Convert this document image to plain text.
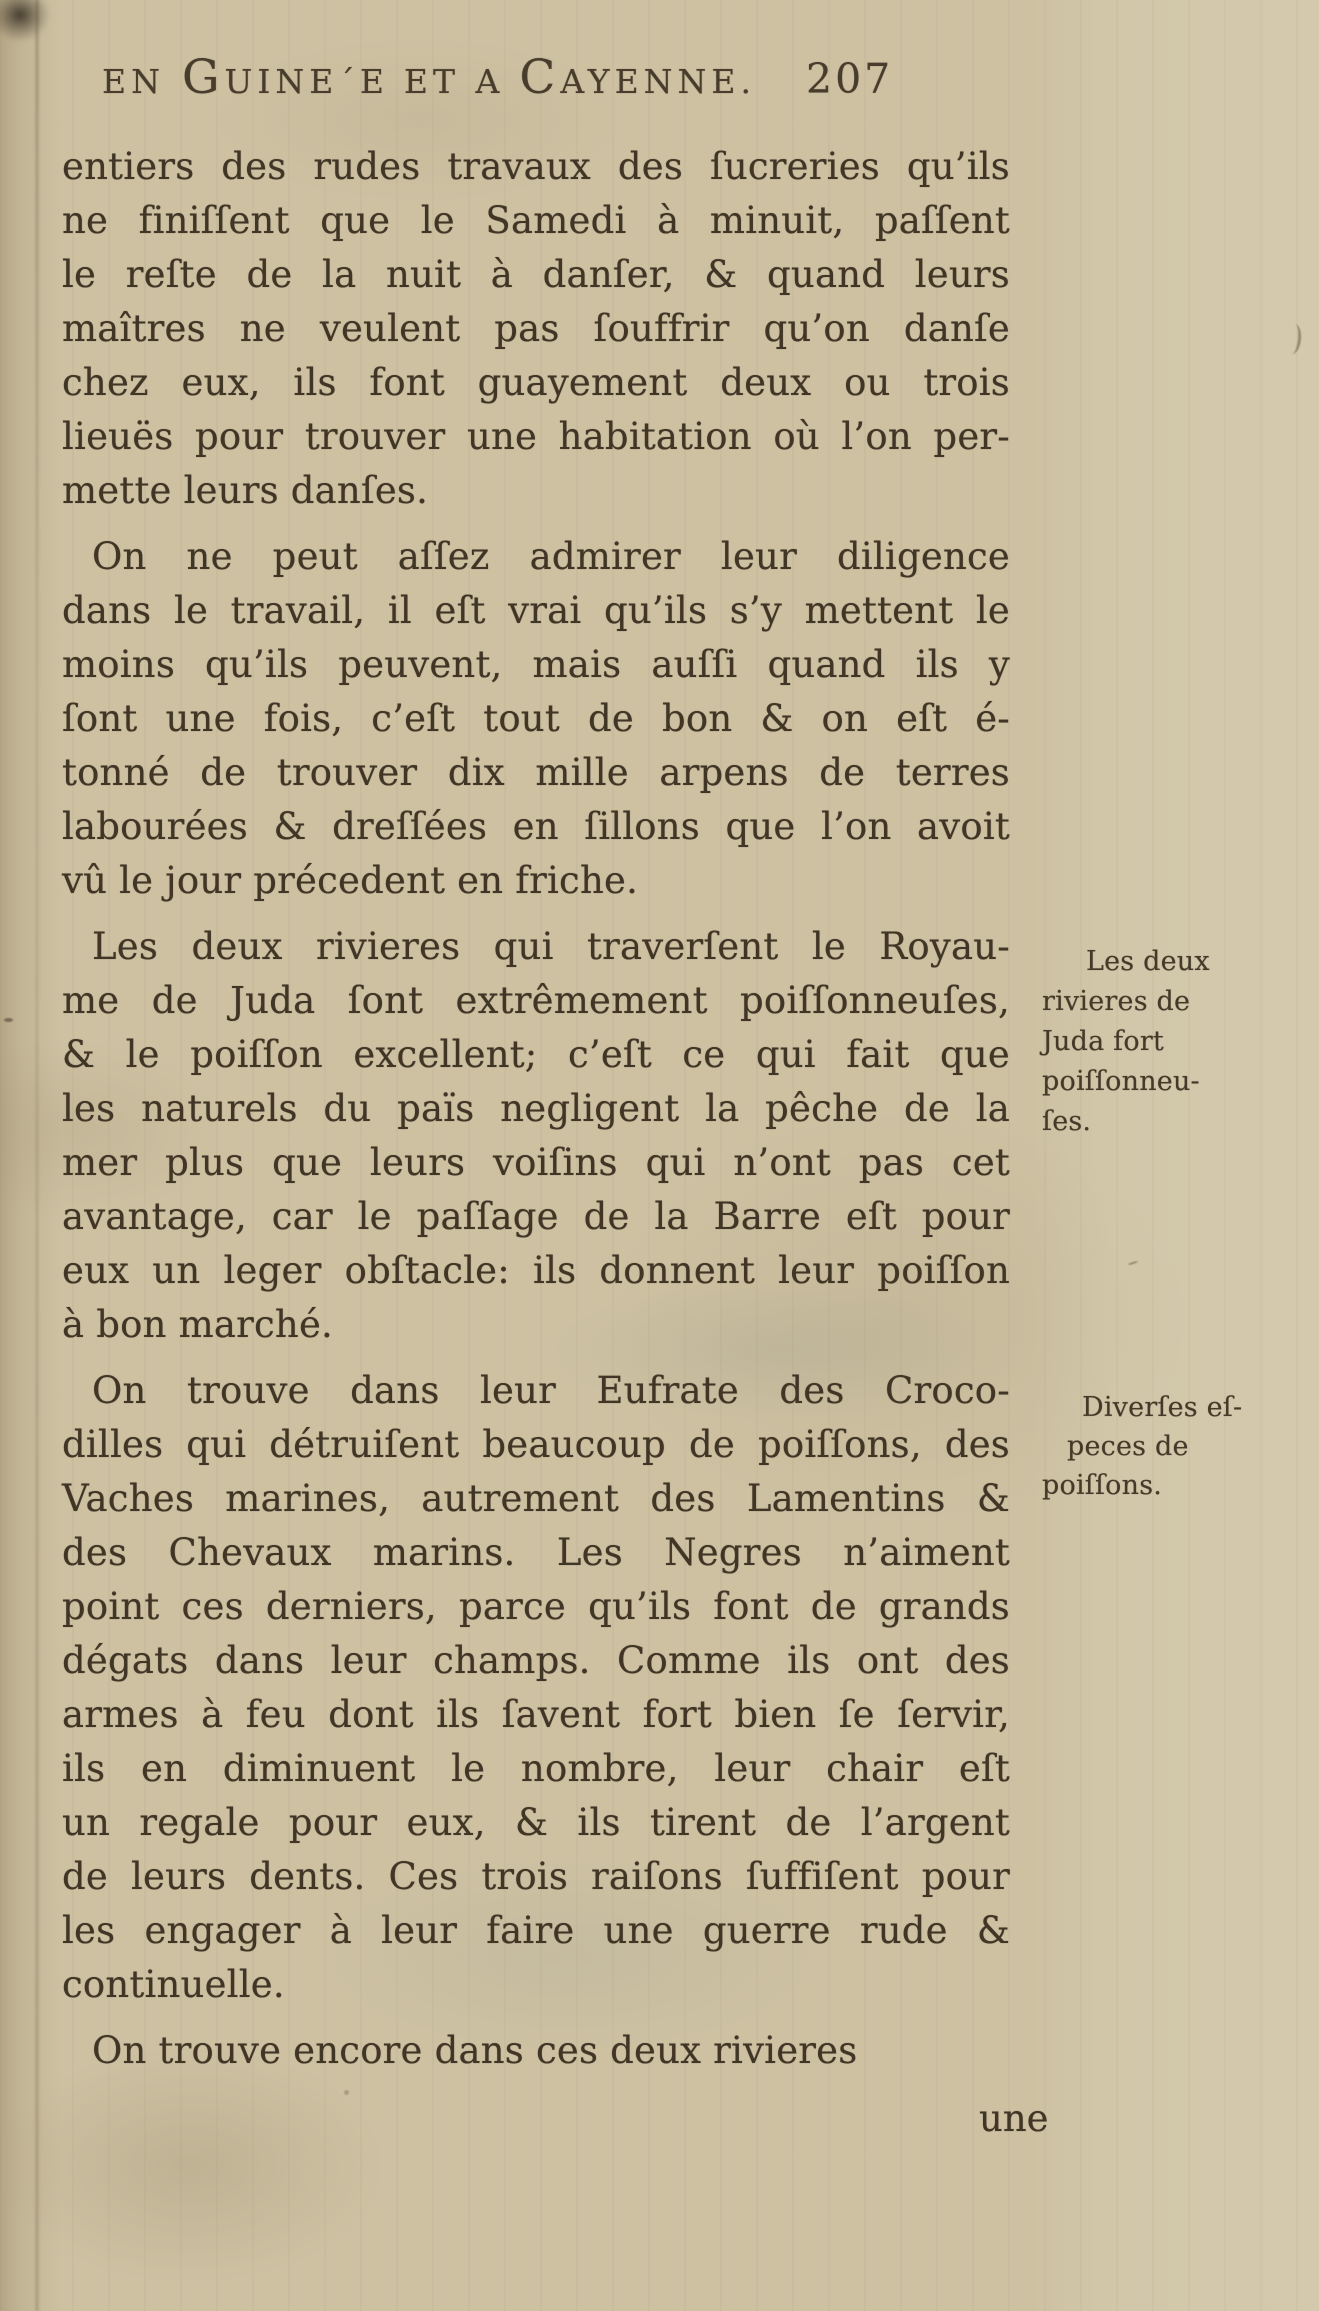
EN GUINE´E ET A CAYENNE. 207
entiers des rudes travaux des ſucreries qu’ils
ne finiſſent que le Samedi à minuit, paſſent
le reſte de la nuit à danſer, & quand leurs
maîtres ne veulent pas ſouffrir qu’on danſe
chez eux, ils font guayement deux ou trois
lieuës pour trouver une habitation où l’on per-
mette leurs danſes.
On ne peut aſſez admirer leur diligence
dans le travail, il eſt vrai qu’ils s’y mettent le
moins qu’ils peuvent, mais auſſi quand ils y
ſont une fois, c’eſt tout de bon & on eſt é-
tonné de trouver dix mille arpens de terres
labourées & dreſſées en ſillons que l’on avoit
vû le jour précedent en friche.
Les deux rivieres qui traverſent le Royau-
me de Juda ſont extrêmement poiſſonneuſes,
& le poiſſon excellent; c’eſt ce qui fait que
les naturels du païs negligent la pêche de la
mer plus que leurs voiſins qui n’ont pas cet
avantage, car le paſſage de la Barre eſt pour
eux un leger obſtacle: ils donnent leur poiſſon
à bon marché.
On trouve dans leur Eufrate des Croco-
dilles qui détruiſent beaucoup de poiſſons, des
Vaches marines, autrement des Lamentins &
des Chevaux marins. Les Negres n’aiment
point ces derniers, parce qu’ils font de grands
dégats dans leur champs. Comme ils ont des
armes à feu dont ils ſavent fort bien ſe ſervir,
ils en diminuent le nombre, leur chair eſt
un regale pour eux, & ils tirent de l’argent
de leurs dents. Ces trois raiſons ſuffiſent pour
les engager à leur faire une guerre rude &
continuelle.
On trouve encore dans ces deux rivieres
Les deux
rivieres de
Juda fort
poiſſonneu-
ſes.
Diverſes eſ-
peces de
poiſſons.
une
